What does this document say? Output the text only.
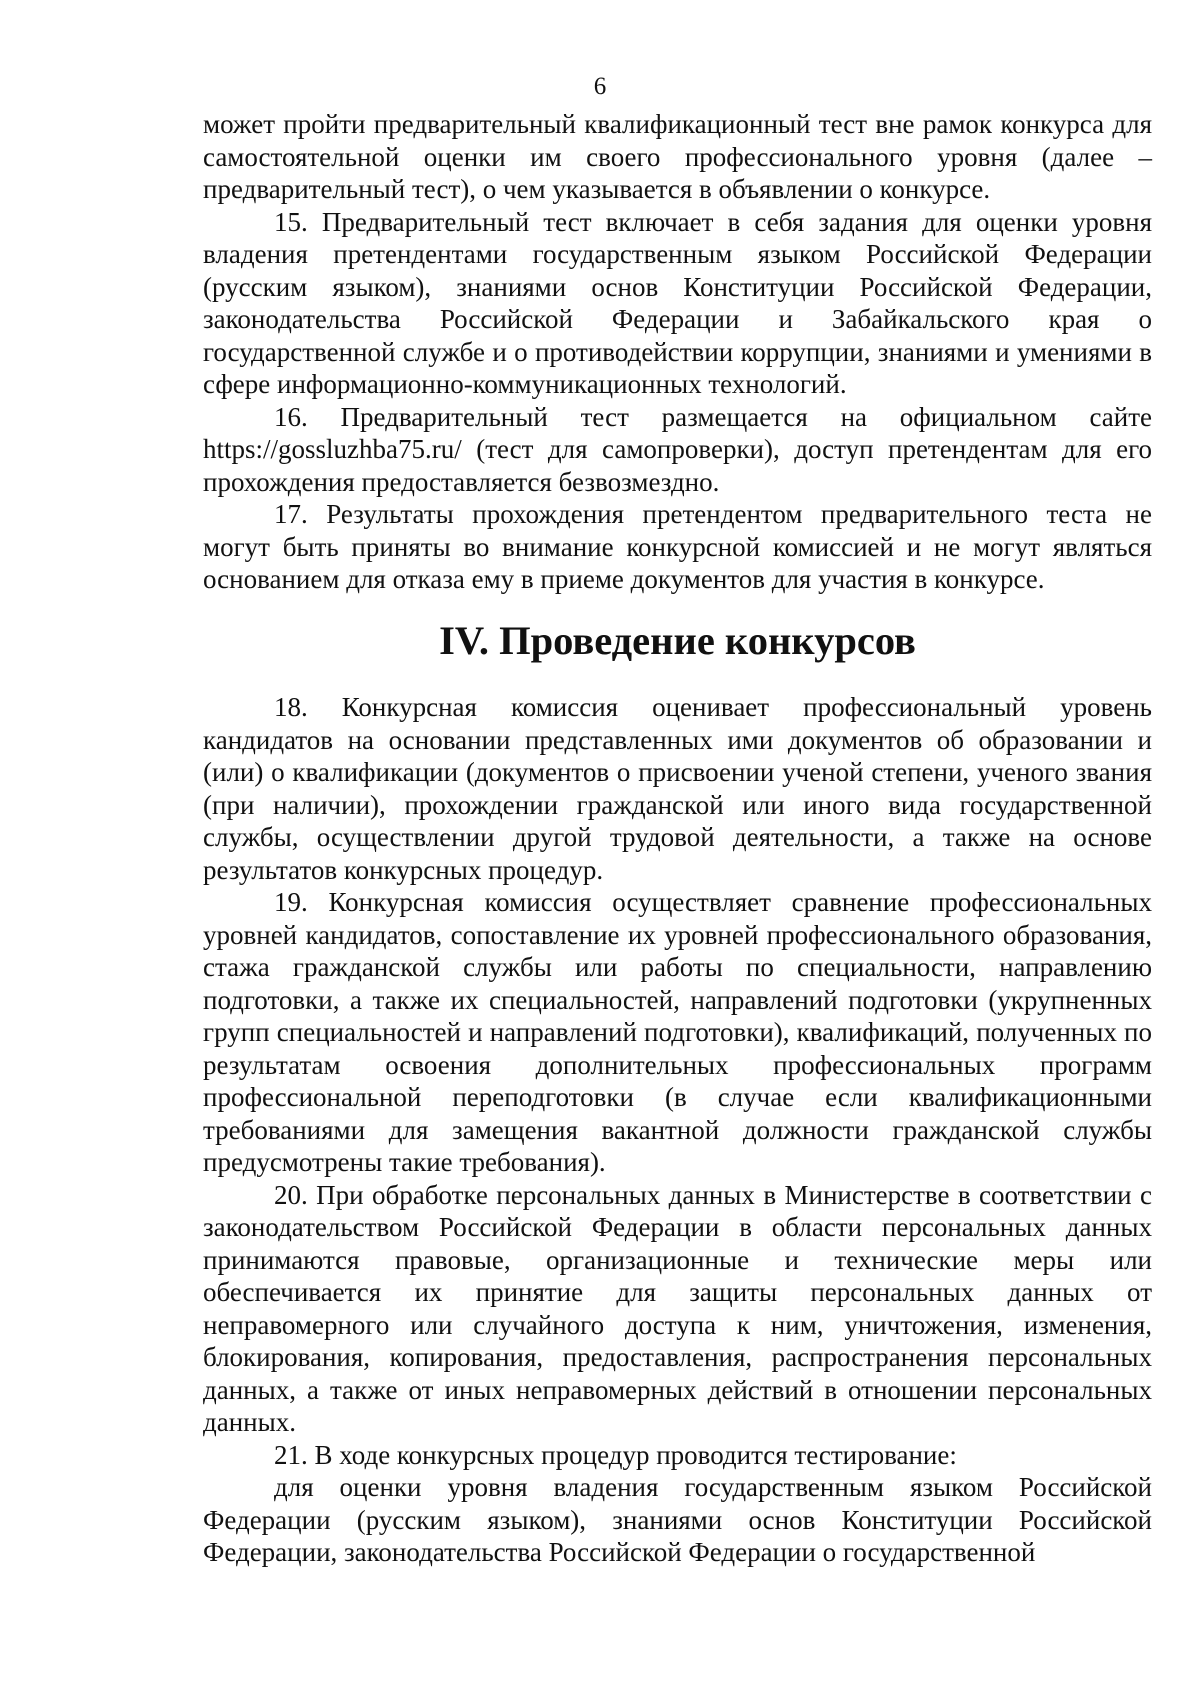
6

может пройти предварительный квалификационный тест вне рамок конкурса для самостоятельной оценки им своего профессионального уровня (далее – предварительный тест), о чем указывается в объявлении о конкурсе.

15. Предварительный тест включает в себя задания для оценки уровня владения претендентами государственным языком Российской Федерации (русским языком), знаниями основ Конституции Российской Федерации, законодательства Российской Федерации и Забайкальского края о государственной службе и о противодействии коррупции, знаниями и умениями в сфере информационно-коммуникационных технологий.

16. Предварительный тест размещается на официальном сайте https://gossluzhba75.ru/ (тест для самопроверки), доступ претендентам для его прохождения предоставляется безвозмездно.

17. Результаты прохождения претендентом предварительного теста не могут быть приняты во внимание конкурсной комиссией и не могут являться основанием для отказа ему в приеме документов для участия в конкурсе.

IV. Проведение конкурсов

18. Конкурсная комиссия оценивает профессиональный уровень кандидатов на основании представленных ими документов об образовании и (или) о квалификации (документов о присвоении ученой степени, ученого звания (при наличии), прохождении гражданской или иного вида государственной службы, осуществлении другой трудовой деятельности, а также на основе результатов конкурсных процедур.

19. Конкурсная комиссия осуществляет сравнение профессиональных уровней кандидатов, сопоставление их уровней профессионального образования, стажа гражданской службы или работы по специальности, направлению подготовки, а также их специальностей, направлений подготовки (укрупненных групп специальностей и направлений подготовки), квалификаций, полученных по результатам освоения дополнительных профессиональных программ профессиональной переподготовки (в случае если квалификационными требованиями для замещения вакантной должности гражданской службы предусмотрены такие требования).

20. При обработке персональных данных в Министерстве в соответствии с законодательством Российской Федерации в области персональных данных принимаются правовые, организационные и технические меры или обеспечивается их принятие для защиты персональных данных от неправомерного или случайного доступа к ним, уничтожения, изменения, блокирования, копирования, предоставления, распространения персональных данных, а также от иных неправомерных действий в отношении персональных данных.

21. В ходе конкурсных процедур проводится тестирование:

для оценки уровня владения государственным языком Российской Федерации (русским языком), знаниями основ Конституции Российской Федерации, законодательства Российской Федерации о государственной
